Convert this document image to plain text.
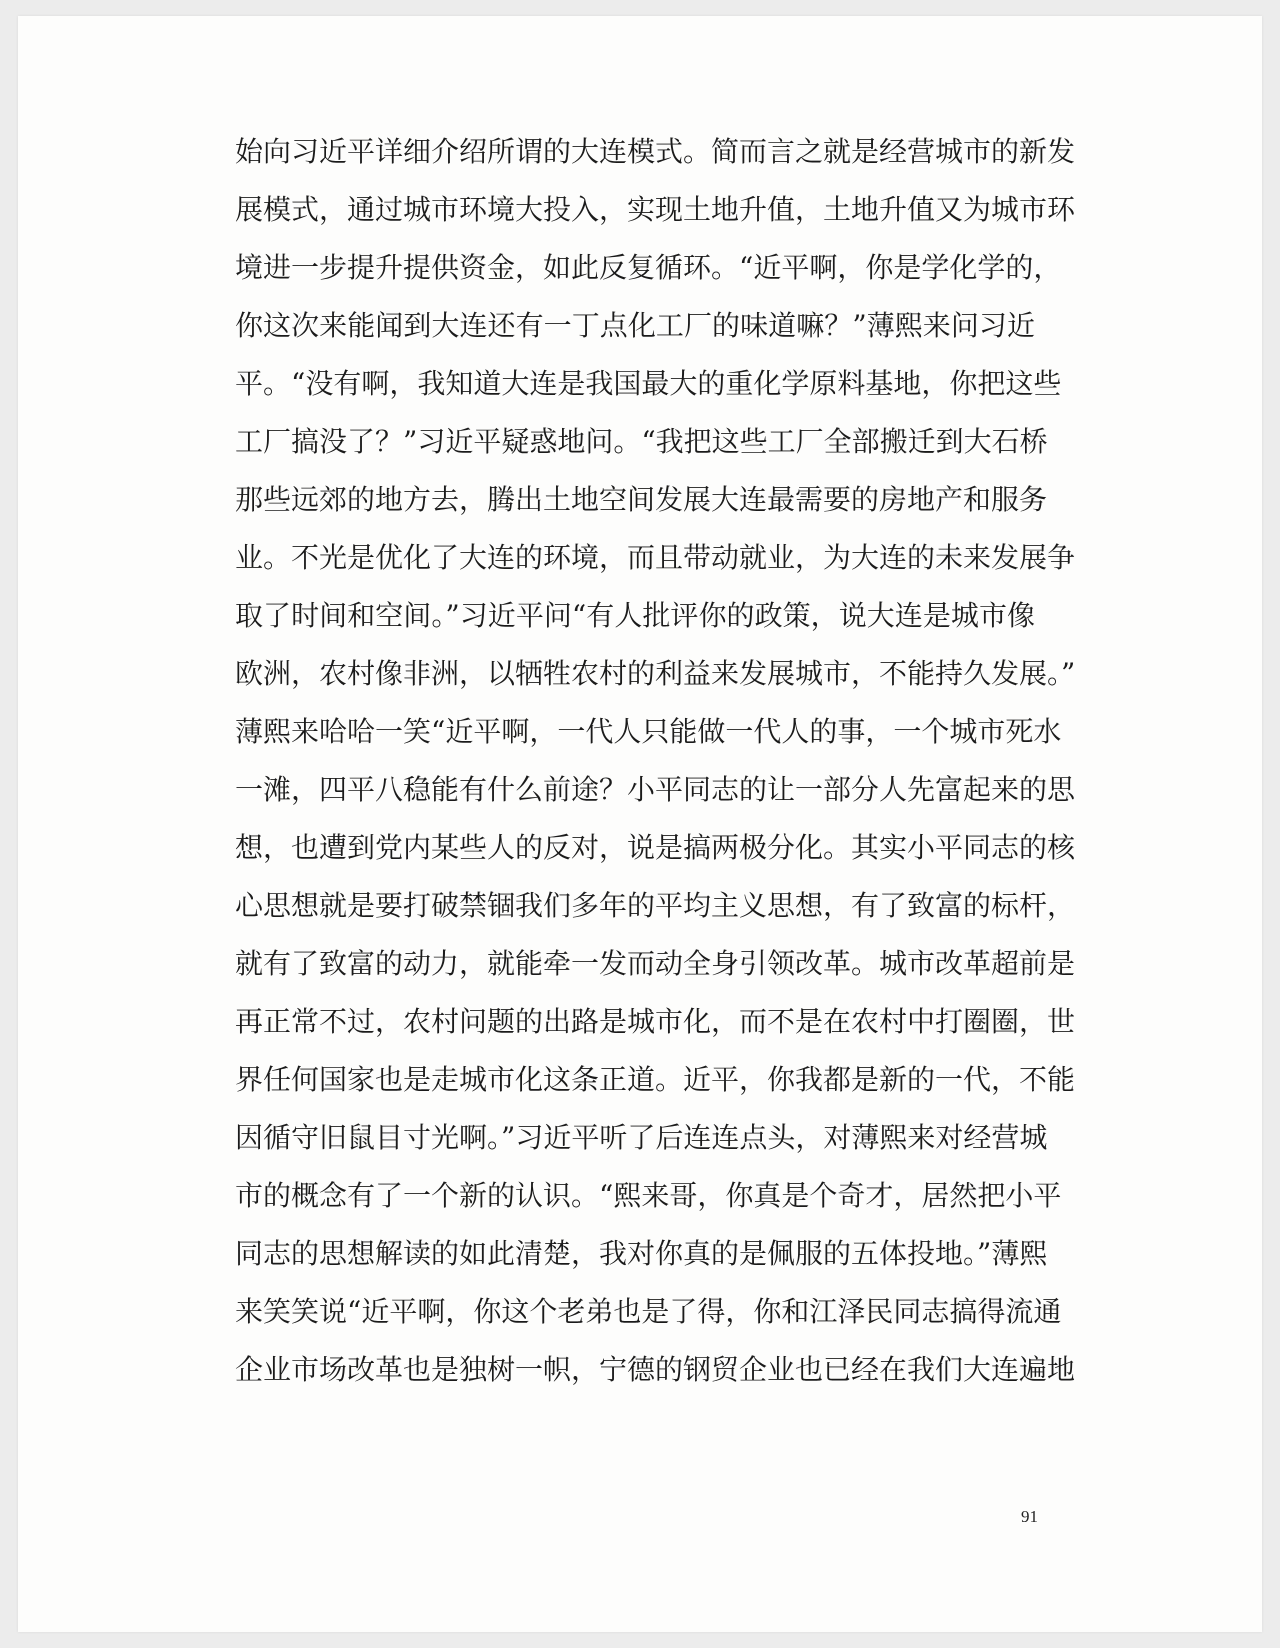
始向习近平详细介绍所谓的大连模式。简而言之就是经营城市的新发
展模式，通过城市环境大投入，实现土地升值，土地升值又为城市环
境进一步提升提供资金，如此反复循环。“近平啊，你是学化学的，
你这次来能闻到大连还有一丁点化工厂的味道嘛？”薄熙来问习近
平。“没有啊，我知道大连是我国最大的重化学原料基地，你把这些
工厂搞没了？”习近平疑惑地问。“我把这些工厂全部搬迁到大石桥
那些远郊的地方去，腾出土地空间发展大连最需要的房地产和服务
业。不光是优化了大连的环境，而且带动就业，为大连的未来发展争
取了时间和空间。”习近平问“有人批评你的政策，说大连是城市像
欧洲，农村像非洲，以牺牲农村的利益来发展城市，不能持久发展。”
薄熙来哈哈一笑“近平啊，一代人只能做一代人的事，一个城市死水
一滩，四平八稳能有什么前途？小平同志的让一部分人先富起来的思
想，也遭到党内某些人的反对，说是搞两极分化。其实小平同志的核
心思想就是要打破禁锢我们多年的平均主义思想，有了致富的标杆，
就有了致富的动力，就能牵一发而动全身引领改革。城市改革超前是
再正常不过，农村问题的出路是城市化，而不是在农村中打圈圈，世
界任何国家也是走城市化这条正道。近平，你我都是新的一代，不能
因循守旧鼠目寸光啊。”习近平听了后连连点头，对薄熙来对经营城
市的概念有了一个新的认识。“熙来哥，你真是个奇才，居然把小平
同志的思想解读的如此清楚，我对你真的是佩服的五体投地。”薄熙
来笑笑说“近平啊，你这个老弟也是了得，你和江泽民同志搞得流通
企业市场改革也是独树一帜，宁德的钢贸企业也已经在我们大连遍地
91
